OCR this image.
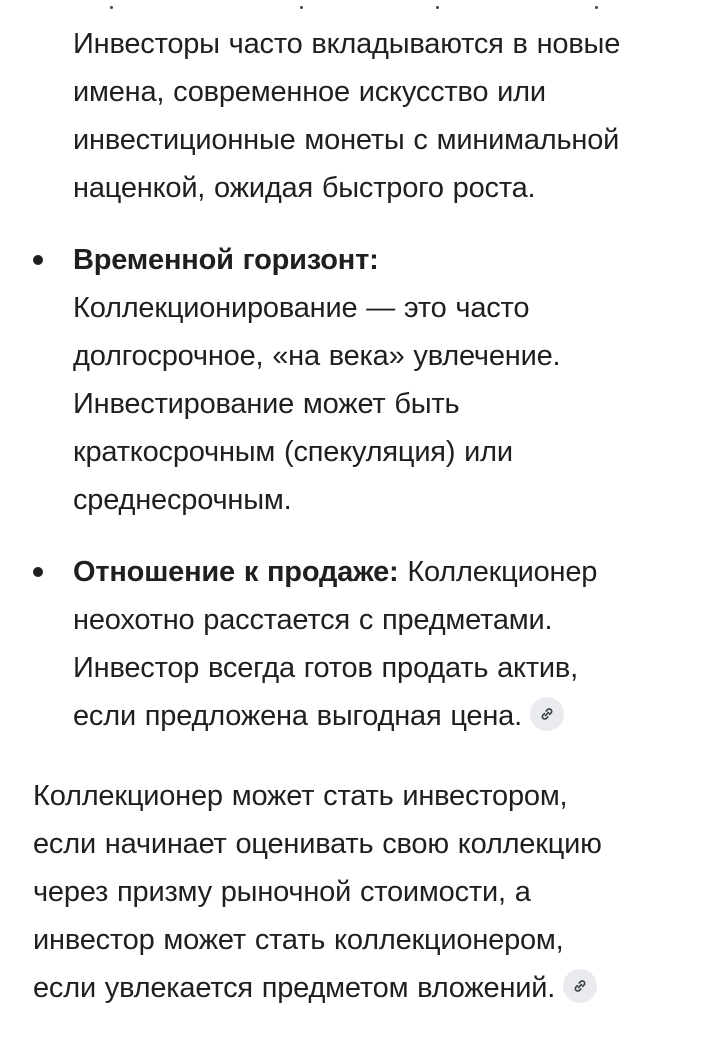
Инвесторы часто вкладываются в новые
имена, современное искусство или
инвестиционные монеты с минимальной
наценкой, ожидая быстрого роста.
Временной горизонт:
Коллекционирование — это часто
долгосрочное, «на века» увлечение.
Инвестирование может быть
краткосрочным (спекуляция) или
среднесрочным.
Отношение к продаже: Коллекционер
неохотно расстается с предметами.
Инвестор всегда готов продать актив,
если предложена выгодная цена.
Коллекционер может стать инвестором,
если начинает оценивать свою коллекцию
через призму рыночной стоимости, а
инвестор может стать коллекционером,
если увлекается предметом вложений.
